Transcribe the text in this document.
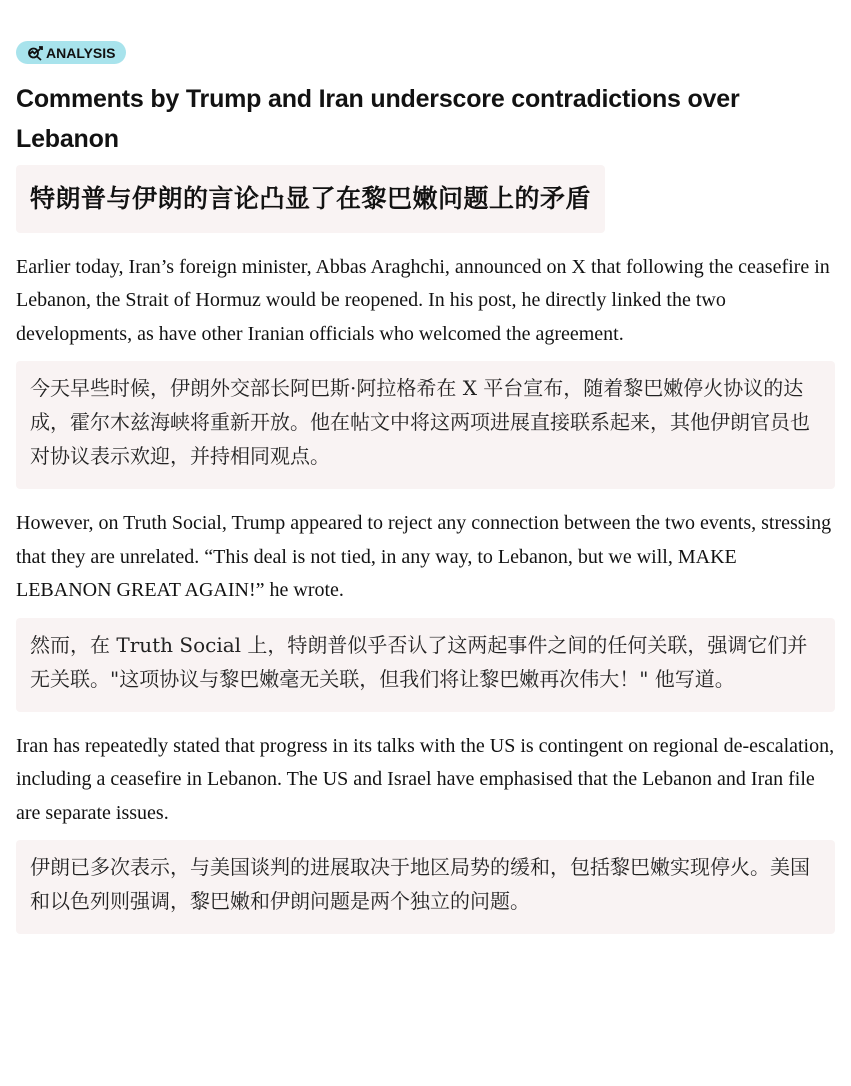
ANALYSIS
Comments by Trump and Iran underscore contradictions over Lebanon
特朗普与伊朗的言论凸显了在黎巴嫩问题上的矛盾

Earlier today, Iran’s foreign minister, Abbas Araghchi, announced on X that following the ceasefire in Lebanon, the Strait of Hormuz would be reopened. In his post, he directly linked the two developments, as have other Iranian officials who welcomed the agreement.

今天早些时候，伊朗外交部长阿巴斯·阿拉格希在 X 平台宣布，随着黎巴嫩停火协议的达成，霍尔木兹海峡将重新开放。他在帖文中将这两项进展直接联系起来，其他伊朗官员也对协议表示欢迎，并持相同观点。

However, on Truth Social, Trump appeared to reject any connection between the two events, stressing that they are unrelated. “This deal is not tied, in any way, to Lebanon, but we will, MAKE LEBANON GREAT AGAIN!” he wrote.

然而，在 Truth Social 上，特朗普似乎否认了这两起事件之间的任何关联，强调它们并无关联。"这项协议与黎巴嫩毫无关联，但我们将让黎巴嫩再次伟大！" 他写道。

Iran has repeatedly stated that progress in its talks with the US is contingent on regional de-escalation, including a ceasefire in Lebanon. The US and Israel have emphasised that the Lebanon and Iran file are separate issues.

伊朗已多次表示，与美国谈判的进展取决于地区局势的缓和，包括黎巴嫩实现停火。美国和以色列则强调，黎巴嫩和伊朗问题是两个独立的问题。
